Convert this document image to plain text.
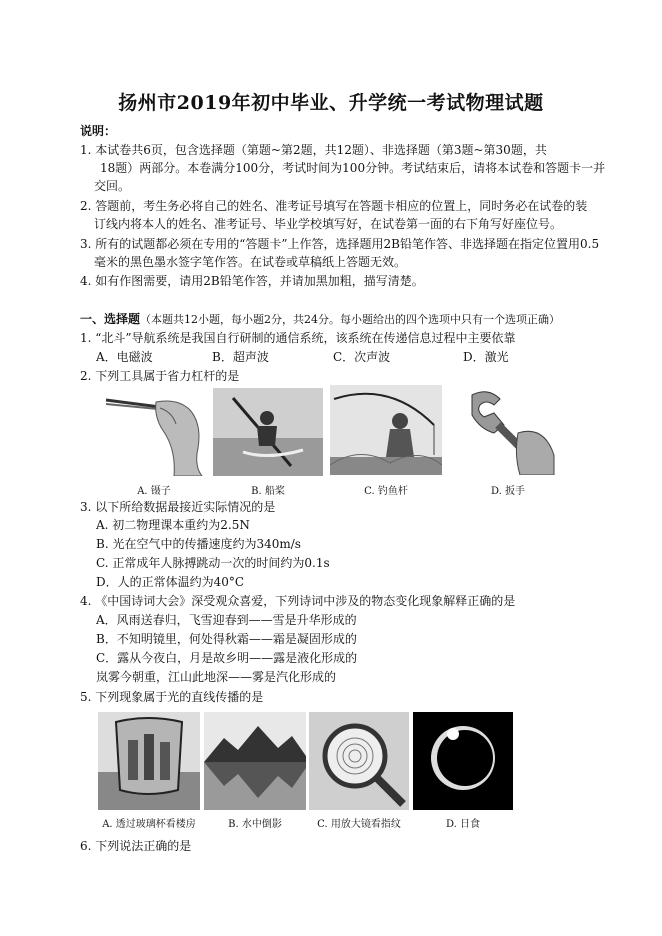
扬州市2019年初中毕业、升学统一考试物理试题
说明：
1. 本试卷共6页，包含选择题（第题~第2题，共12题）、非选择题（第3题~第30题，共
18题）两部分。本卷满分100分，考试时间为100分钟。考试结束后，请将本试卷和答题卡一并
交回。
2. 答题前，考生务必将自己的姓名、准考证号填写在答题卡相应的位置上，同时务必在试卷的装
订线内将本人的姓名、准考证号、毕业学校填写好，在试卷第一面的右下角写好座位号。
3. 所有的试题都必须在专用的“答题卡”上作答，选择题用2B铅笔作答、非选择题在指定位置用0.5
毫米的黑色墨水签字笔作答。在试卷或草稿纸上答题无效。
4. 如有作图需要，请用2B铅笔作答，并请加黑加粗，描写清楚。
一、选择题（本题共12小题，每小题2分，共24分。每小题给出的四个选项中只有一个选项正确）
1. “北斗”导航系统是我国自行研制的通信系统，该系统在传递信息过程中主要依靠
A．电磁波	B．超声波	C．次声波	D．激光
2. 下列工具属于省力杠杆的是
A. 镊子	B. 船桨	C. 钓鱼杆	D. 扳手
3. 以下所给数据最接近实际情况的是
A. 初二物理课本重约为2.5N
B. 光在空气中的传播速度约为340m/s
C. 正常成年人脉搏跳动一次的时间约为0.1s
D．人的正常体温约为40°C
4. 《中国诗词大会》深受观众喜爱，下列诗词中涉及的物态变化现象解释正确的是
A．风雨送春归，飞雪迎春到——雪是升华形成的
B．不知明镜里，何处得秋霜——霜是凝固形成的
C．露从今夜白，月是故乡明——露是液化形成的
岚雾今朝重，江山此地深——雾是汽化形成的
5. 下列现象属于光的直线传播的是
A. 透过玻璃杯看楼房	B. 水中倒影	C. 用放大镜看指纹	D. 日食
6. 下列说法正确的是
